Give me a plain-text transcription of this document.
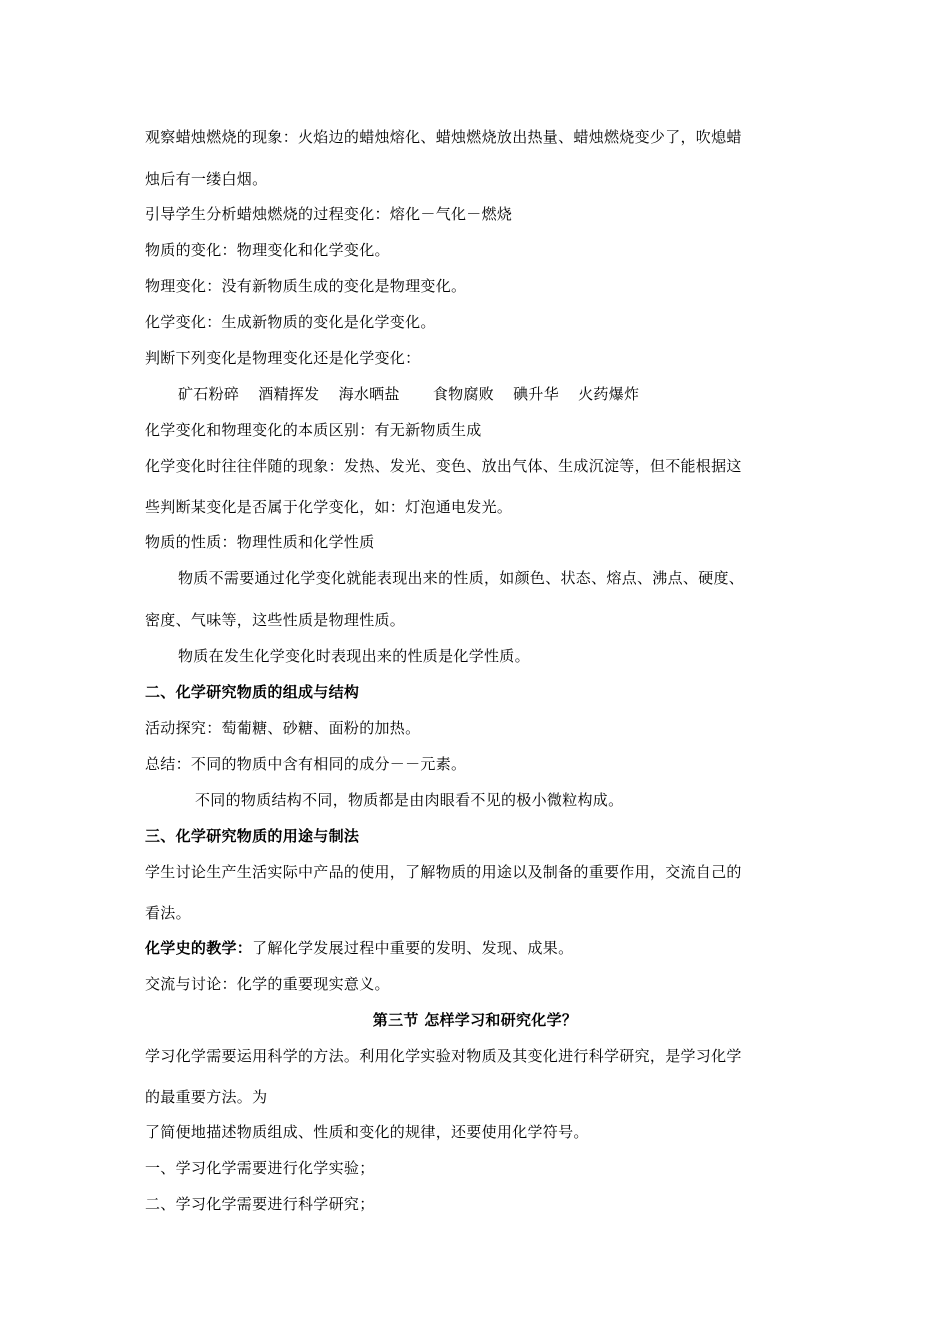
观察蜡烛燃烧的现象：火焰边的蜡烛熔化、蜡烛燃烧放出热量、蜡烛燃烧变少了，吹熄蜡
烛后有一缕白烟。
引导学生分析蜡烛燃烧的过程变化：熔化－气化－燃烧
物质的变化：物理变化和化学变化。
物理变化：没有新物质生成的变化是物理变化。
化学变化：生成新物质的变化是化学变化。
判断下列变化是物理变化还是化学变化：
矿石粉碎 酒精挥发 海水晒盐 食物腐败 碘升华 火药爆炸
化学变化和物理变化的本质区别：有无新物质生成
化学变化时往往伴随的现象：发热、发光、变色、放出气体、生成沉淀等，但不能根据这
些判断某变化是否属于化学变化，如：灯泡通电发光。
物质的性质：物理性质和化学性质
物质不需要通过化学变化就能表现出来的性质，如颜色、状态、熔点、沸点、硬度、
密度、气味等，这些性质是物理性质。
物质在发生化学变化时表现出来的性质是化学性质。
二、化学研究物质的组成与结构
活动探究：萄葡糖、砂糖、面粉的加热。
总结：不同的物质中含有相同的成分－－元素。
不同的物质结构不同，物质都是由肉眼看不见的极小微粒构成。
三、化学研究物质的用途与制法
学生讨论生产生活实际中产品的使用，了解物质的用途以及制备的重要作用，交流自己的
看法。
化学史的教学：了解化学发展过程中重要的发明、发现、成果。
交流与讨论：化学的重要现实意义。
第三节 怎样学习和研究化学？
学习化学需要运用科学的方法。利用化学实验对物质及其变化进行科学研究，是学习化学
的最重要方法。为
了简便地描述物质组成、性质和变化的规律，还要使用化学符号。
一、学习化学需要进行化学实验；
二、学习化学需要进行科学研究；
